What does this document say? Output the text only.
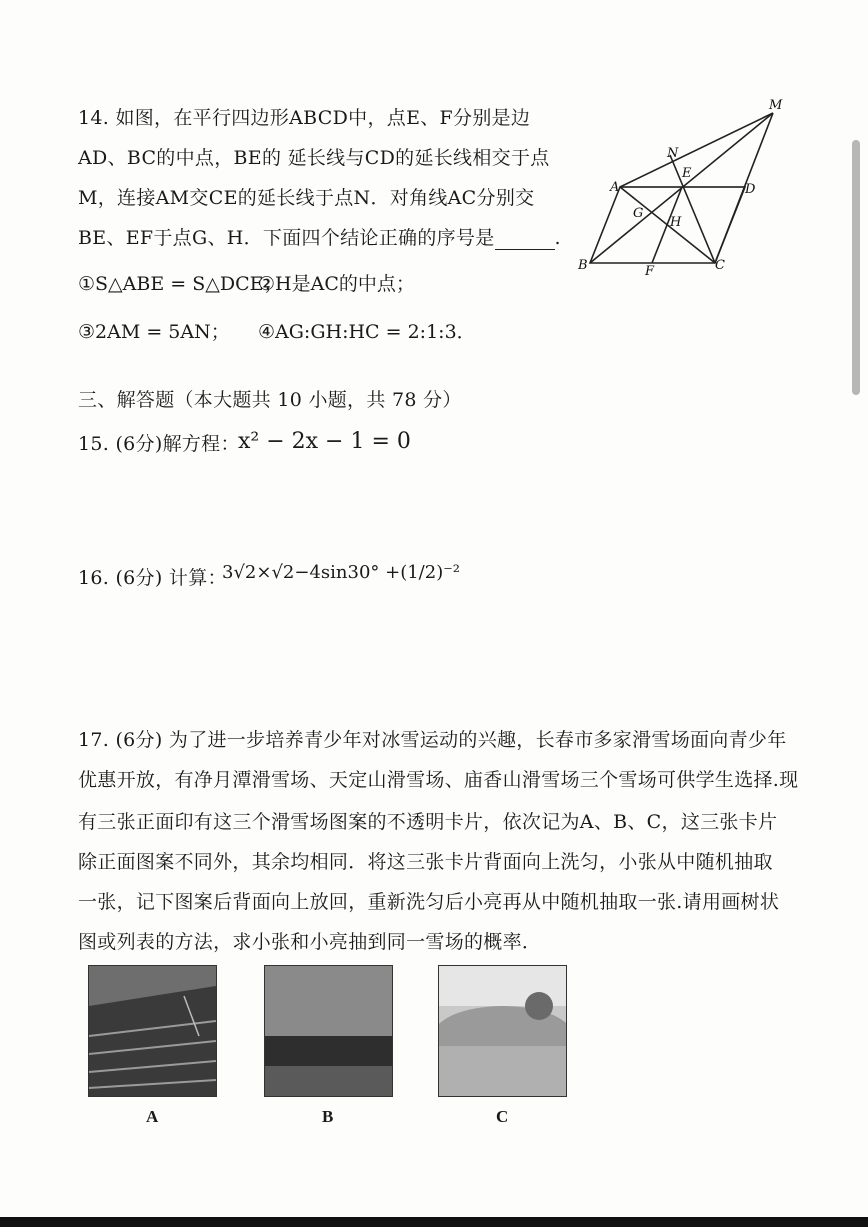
14. 如图，在平行四边形ABCD中，点E、F分别是边
AD、BC的中点，BE的 延长线与CD的延长线相交于点
M，连接AM交CE的延长线于点N．对角线AC分别交
BE、EF于点G、H．下面四个结论正确的序号是	.
①S△ABE = S△DCE；
②H是AC的中点；
③2AM = 5AN； ④AG:GH:HC = 2:1:3．
M
N
A
E
D
G
H
B	F	C
三、解答题（本大题共 10 小题，共 78 分）
15. (6分)解方程：
x² − 2x − 1 = 0
16. (6分) 计算：
3√2×√2−4sin30° +(1/2)⁻²
17. (6分) 为了进一步培养青少年对冰雪运动的兴趣，长春市多家滑雪场面向青少年
优惠开放，有净月潭滑雪场、天定山滑雪场、庙香山滑雪场三个雪场可供学生选择.现
有三张正面印有这三个滑雪场图案的不透明卡片，依次记为A、B、C，这三张卡片
除正面图案不同外，其余均相同．将这三张卡片背面向上洗匀，小张从中随机抽取
一张，记下图案后背面向上放回，重新洗匀后小亮再从中随机抽取一张.请用画树状
图或列表的方法，求小张和小亮抽到同一雪场的概率．
A	B	C
